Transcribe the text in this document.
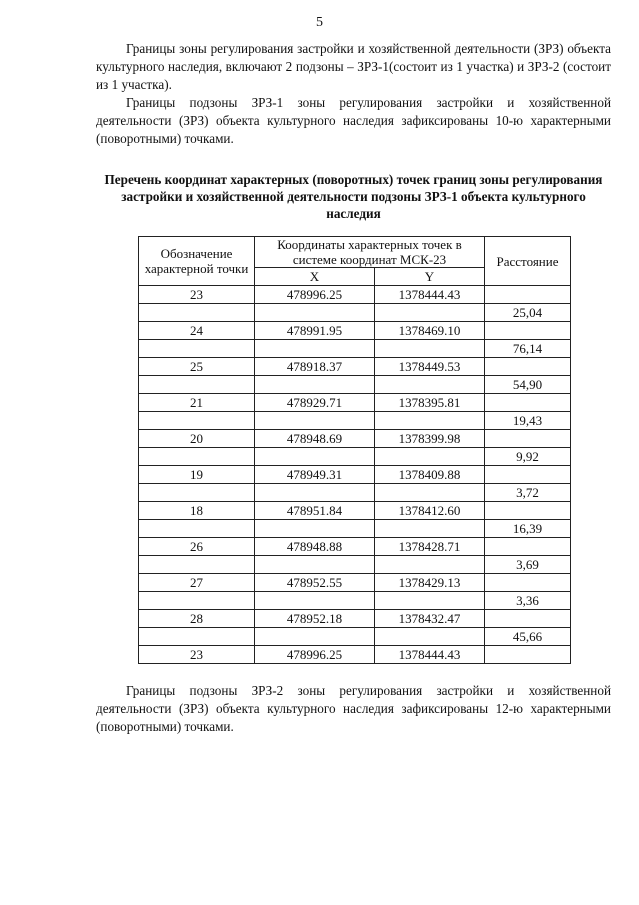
5

Границы зоны регулирования застройки и хозяйственной деятельности (ЗРЗ) объекта культурного наследия, включают 2 подзоны – ЗРЗ-1(состоит из 1 участка) и ЗРЗ-2 (состоит из 1 участка).

Границы подзоны ЗРЗ-1 зоны регулирования застройки и хозяйственной деятельности (ЗРЗ) объекта культурного наследия зафиксированы 10-ю характерными (поворотными) точками.

Перечень координат характерных (поворотных) точек границ зоны регулирования застройки и хозяйственной деятельности подзоны ЗРЗ-1 объекта культурного наследия

Обозначение характерной точки	Координаты характерных точек в системе координат МСК-23		Расстояние
	X	Y	
23	478996.25	1378444.43	
			25,04
24	478991.95	1378469.10	
			76,14
25	478918.37	1378449.53	
			54,90
21	478929.71	1378395.81	
			19,43
20	478948.69	1378399.98	
			9,92
19	478949.31	1378409.88	
			3,72
18	478951.84	1378412.60	
			16,39
26	478948.88	1378428.71	
			3,69
27	478952.55	1378429.13	
			3,36
28	478952.18	1378432.47	
			45,66
23	478996.25	1378444.43	

Границы подзоны ЗРЗ-2 зоны регулирования застройки и хозяйственной деятельности (ЗРЗ) объекта культурного наследия зафиксированы 12-ю характерными (поворотными) точками.
